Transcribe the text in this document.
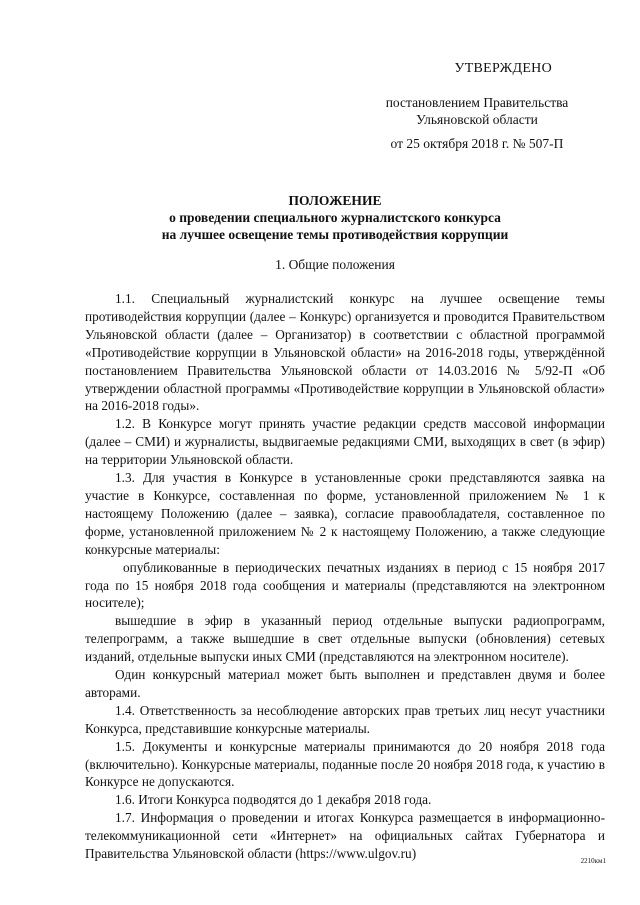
УТВЕРЖДЕНО
постановлением Правительства
Ульяновской области
от 25 октября 2018 г. № 507-П
ПОЛОЖЕНИЕ
о проведении специального журналистского конкурса
на лучшее освещение темы противодействия коррупции
1. Общие положения

1.1. Специальный журналистский конкурс на лучшее освещение темы противодействия коррупции (далее – Конкурс) организуется и проводится Правительством Ульяновской области (далее – Организатор) в соответствии с областной программой «Противодействие коррупции в Ульяновской области» на 2016-2018 годы, утверждённой постановлением Правительства Ульяновской области от 14.03.2016 № 5/92-П «Об утверждении областной программы «Противодействие коррупции в Ульяновской области» на 2016-2018 годы».

1.2. В Конкурсе могут принять участие редакции средств массовой информации (далее – СМИ) и журналисты, выдвигаемые редакциями СМИ, выходящих в свет (в эфир) на территории Ульяновской области.

1.3. Для участия в Конкурсе в установленные сроки представляются заявка на участие в Конкурсе, составленная по форме, установленной приложением № 1 к настоящему Положению (далее – заявка), согласие правообладателя, составленное по форме, установленной приложением № 2 к настоящему Положению, а также следующие конкурсные материалы:

опубликованные в периодических печатных изданиях в период с 15 ноября 2017 года по 15 ноября 2018 года сообщения и материалы (представляются на электронном носителе);

вышедшие в эфир в указанный период отдельные выпуски радиопрограмм, телепрограмм, а также вышедшие в свет отдельные выпуски (обновления) сетевых изданий, отдельные выпуски иных СМИ (представляются на электронном носителе).

Один конкурсный материал может быть выполнен и представлен двумя и более авторами.

1.4. Ответственность за несоблюдение авторских прав третьих лиц несут участники Конкурса, представившие конкурсные материалы.

1.5. Документы и конкурсные материалы принимаются до 20 ноября 2018 года (включительно). Конкурсные материалы, поданные после 20 ноября 2018 года, к участию в Конкурсе не допускаются.

1.6. Итоги Конкурса подводятся до 1 декабря 2018 года.

1.7. Информация о проведении и итогах Конкурса размещается в информационно-телекоммуникационной сети «Интернет» на официальных сайтах Губернатора и Правительства Ульяновской области (https://www.ulgov.ru)	2210км1
